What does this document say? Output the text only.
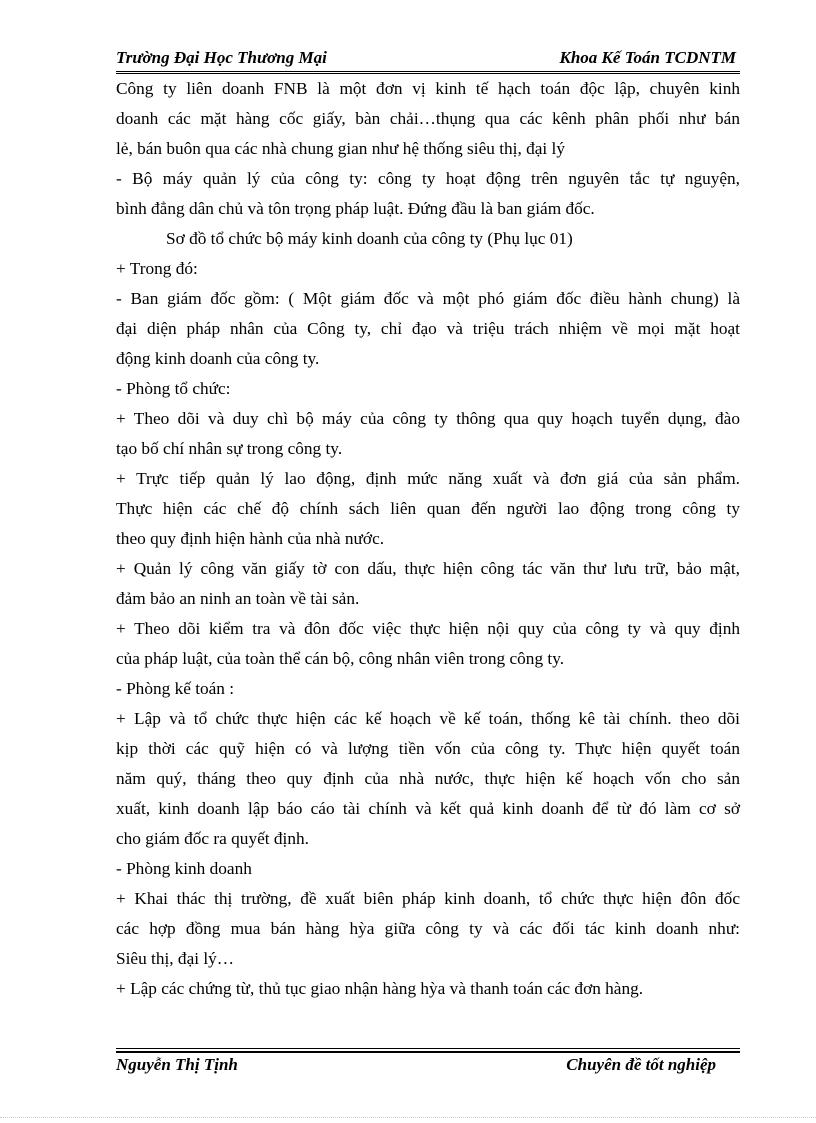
Trường Đại Học Thương Mại	Khoa Kế Toán TCDNTM
Công ty liên doanh FNB là một đơn vị kinh tế hạch toán độc lập, chuyên kinh
doanh các mặt hàng cốc giấy, bàn chải…thụng qua các kênh phân phối như bán
lẻ, bán buôn qua các nhà chung gian như hệ thống siêu thị, đại lý
- Bộ máy quản lý của công ty: công ty hoạt động trên nguyên tắc tự nguyện,
bình đẳng dân chủ và tôn trọng pháp luật. Đứng đầu là ban giám đốc.
Sơ đồ tổ chức bộ máy kinh doanh của công ty (Phụ lục 01)
+ Trong đó:
- Ban giám đốc gồm: ( Một giám đốc và một phó giám đốc điều hành chung) là
đại diện pháp nhân của Công ty, chỉ đạo và triệu trách nhiệm về mọi mặt hoạt
động kinh doanh của công ty.
- Phòng tổ chức:
+ Theo dõi và duy chì bộ máy của công ty thông qua quy hoạch tuyển dụng, đào
tạo bố chí nhân sự trong công ty.
+ Trực tiếp quản lý lao động, định mức năng xuất và đơn giá của sản phẩm.
Thực hiện các chế độ chính sách liên quan đến người lao động trong công ty
theo quy định hiện hành của nhà nước.
+ Quản lý công văn giấy tờ con dấu, thực hiện công tác văn thư lưu trữ, bảo mật,
đảm bảo an ninh an toàn về tài sản.
+ Theo dõi kiểm tra và đôn đốc việc thực hiện nội quy của công ty và quy định
của pháp luật, của toàn thể cán bộ, công nhân viên trong công ty.
- Phòng kế toán :
+ Lập và tổ chức thực hiện các kế hoạch về kế toán, thống kê tài chính. theo dõi
kịp thời các quỹ hiện có và lượng tiền vốn của công ty. Thực hiện quyết toán
năm quý, tháng theo quy định của nhà nước, thực hiện kế hoạch vốn cho sản
xuất, kinh doanh lập báo cáo tài chính và kết quả kinh doanh để từ đó làm cơ sở
cho giám đốc ra quyết định.
- Phòng kinh doanh
+ Khai thác thị trường, đề xuất biên pháp kinh doanh, tổ chức thực hiện đôn đốc
các hợp đồng mua bán hàng hỳa giữa công ty và các đối tác kinh doanh như:
Siêu thị, đại lý…
+ Lập các chứng từ, thủ tục giao nhận hàng hỳa và thanh toán các đơn hàng.
Nguyễn Thị Tịnh	Chuyên đề tốt nghiệp
